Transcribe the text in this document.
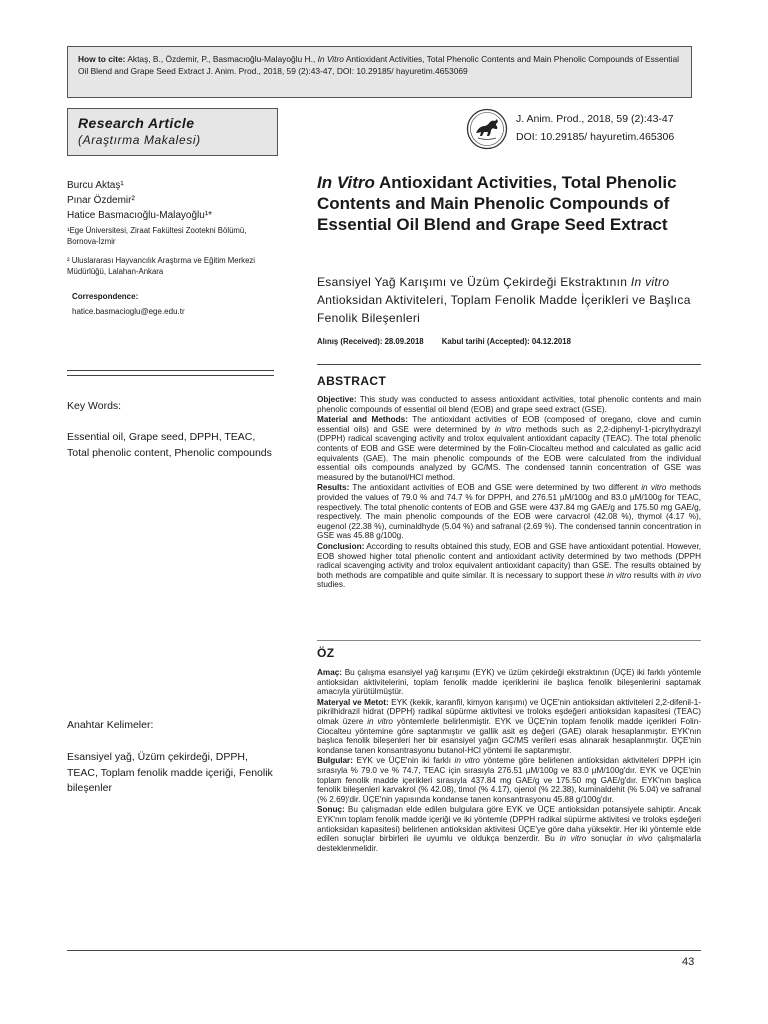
How to cite: Aktaş, B., Özdemir, P., Basmacıoğlu-Malayoğlu H., In Vitro Antioxidant Activities, Total Phenolic Contents and Main Phenolic Compounds of Essential Oil Blend and Grape Seed Extract J. Anim. Prod., 2018, 59 (2):43-47, DOI: 10.29185/ hayuretim.4653069
Research Article
(Araştırma Makalesi)
J. Anim. Prod., 2018, 59 (2):43-47
DOI: 10.29185/ hayuretim.465306
Burcu Aktaş¹
Pınar Özdemir²
Hatice Basmacıoğlu-Malayoğlu¹*
¹Ege Üniversitesi, Ziraat Fakültesi Zootekni Bölümü, Bornova-İzmir
² Uluslararası Hayvancılık Araştırma ve Eğitim Merkezi Müdürlüğü, Lalahan-Ankara
Correspondence:
hatice.basmacioglu@ege.edu.tr
In Vitro Antioxidant Activities, Total Phenolic Contents and Main Phenolic Compounds of Essential Oil Blend and Grape Seed Extract
Esansiyel Yağ Karışımı ve Üzüm Çekirdeği Ekstraktının In vitro Antioksidan Aktiviteleri, Toplam Fenolik Madde İçerikleri ve Başlıca Fenolik Bileşenleri
Alınış (Received): 28.09.2018 Kabul tarihi (Accepted): 04.12.2018
Key Words:
Essential oil, Grape seed, DPPH, TEAC, Total phenolic content, Phenolic compounds
Anahtar Kelimeler:
Esansiyel yağ, Üzüm çekirdeği, DPPH, TEAC, Toplam fenolik madde içeriği, Fenolik bileşenler
ABSTRACT

Objective: This study was conducted to assess antioxidant activities, total phenolic contents and main phenolic compounds of essential oil blend (EOB) and grape seed extract (GSE).

Material and Methods: The antioxidant activities of EOB (composed of oregano, clove and cumin essential oils) and GSE were determined by in vitro methods such as 2,2-diphenyl-1-picrylhydrazyl (DPPH) radical scavenging activity and trolox equivalent antioxidant capacity (TEAC). The total phenolic contents of EOB and GSE were determined by the Folin-Ciocalteu method and calculated as gallic acid equivalents (GAE). The main phenolic compounds of the EOB were calculated from the individual essential oils compounds analyzed by GC/MS. The condensed tannin concentration of GSE was measured by the butanol/HCl method.

Results: The antioxidant activities of EOB and GSE were determined by two different in vitro methods provided the values of 79.0 % and 74.7 % for DPPH, and 276.51 µM/100g and 83.0 µM/100g for TEAC, respectively. The total phenolic contents of EOB and GSE were 437.84 mg GAE/g and 175.50 mg GAE/g, respectively. The main phenolic compounds of the EOB were carvacrol (42.08 %), thymol (4.17 %), eugenol (22.38 %), cuminaldhyde (5.04 %) and safranal (2.69 %). The condensed tannin concentration in GSE was 45.88 g/100g.

Conclusion: According to results obtained this study, EOB and GSE have antioxidant potential. However, EOB showed higher total phenolic content and antioxidant activity determined by two methods (DPPH radical scavenging activity and trolox equivalent antioxidant capacity) than GSE. The results obtained by both methods are compatible and quite similar. It is necessary to support these in vitro results with in vivo studies.

ÖZ

Amaç: Bu çalışma esansiyel yağ karışımı (EYK) ve üzüm çekirdeği ekstraktının (ÜÇE) iki farklı yöntemle antioksidan aktivitelerini, toplam fenolik madde içeriklerini ile başlıca fenolik bileşenlerini saptamak amacıyla yürütülmüştür.

Materyal ve Metot: EYK (kekik, karanfil, kimyon karışımı) ve ÜÇE'nin antioksidan aktiviteleri 2,2-difenil-1-pikrilhidrazil hidrat (DPPH) radikal süpürme aktivitesi ve troloks eşdeğeri antioksidan kapasitesi (TEAC) olmak üzere in vitro yöntemlerle belirlenmiştir. EYK ve ÜÇE'nin toplam fenolik madde içerikleri Folin-Ciocalteu yöntemine göre saptanmıştır ve gallik asit eş değeri (GAE) olarak hesaplanmıştır. EYK'nın başlıca fenolik bileşenleri her bir esansiyel yağın GC/MS verileri esas alınarak hesaplanmıştır. ÜÇE'nin kondanse tanen konsantrasyonu butanol-HCl yöntemi ile saptanmıştır.

Bulgular: EYK ve ÜÇE'nin iki farklı in vitro yönteme göre belirlenen antioksidan aktiviteleri DPPH için sırasıyla % 79.0 ve % 74.7, TEAC için sırasıyla 276.51 µM/100g ve 83.0 µM/100g'dır. EYK ve ÜÇE'nin toplam fenolik madde içerikleri sırasıyla 437.84 mg GAE/g ve 175.50 mg GAE/g'dır. EYK'nın başlıca fenolik bileşenleri karvakrol (% 42.08), timol (% 4.17), ojenol (% 22.38), kuminaldehit (% 5.04) ve safranal (% 2.69)'dir. ÜÇE'nin yapısında kondanse tanen konsantrasyonu 45.88 g/100g'dır.

Sonuç: Bu çalışmadan elde edilen bulgulara göre EYK ve ÜÇE antioksidan potansiyele sahiptir. Ancak EYK'nın toplam fenolik madde içeriği ve iki yöntemle (DPPH radikal süpürme aktivitesi ve troloks eşdeğeri antioksidan kapasitesi) belirlenen antioksidan aktivitesi ÜÇE'ye göre daha yüksektir. Her iki yöntemle elde edilen sonuçlar birbirleri ile uyumlu ve oldukça benzerdir. Bu in vitro sonuçlar in vivo çalışmalarla desteklenmelidir.

43
